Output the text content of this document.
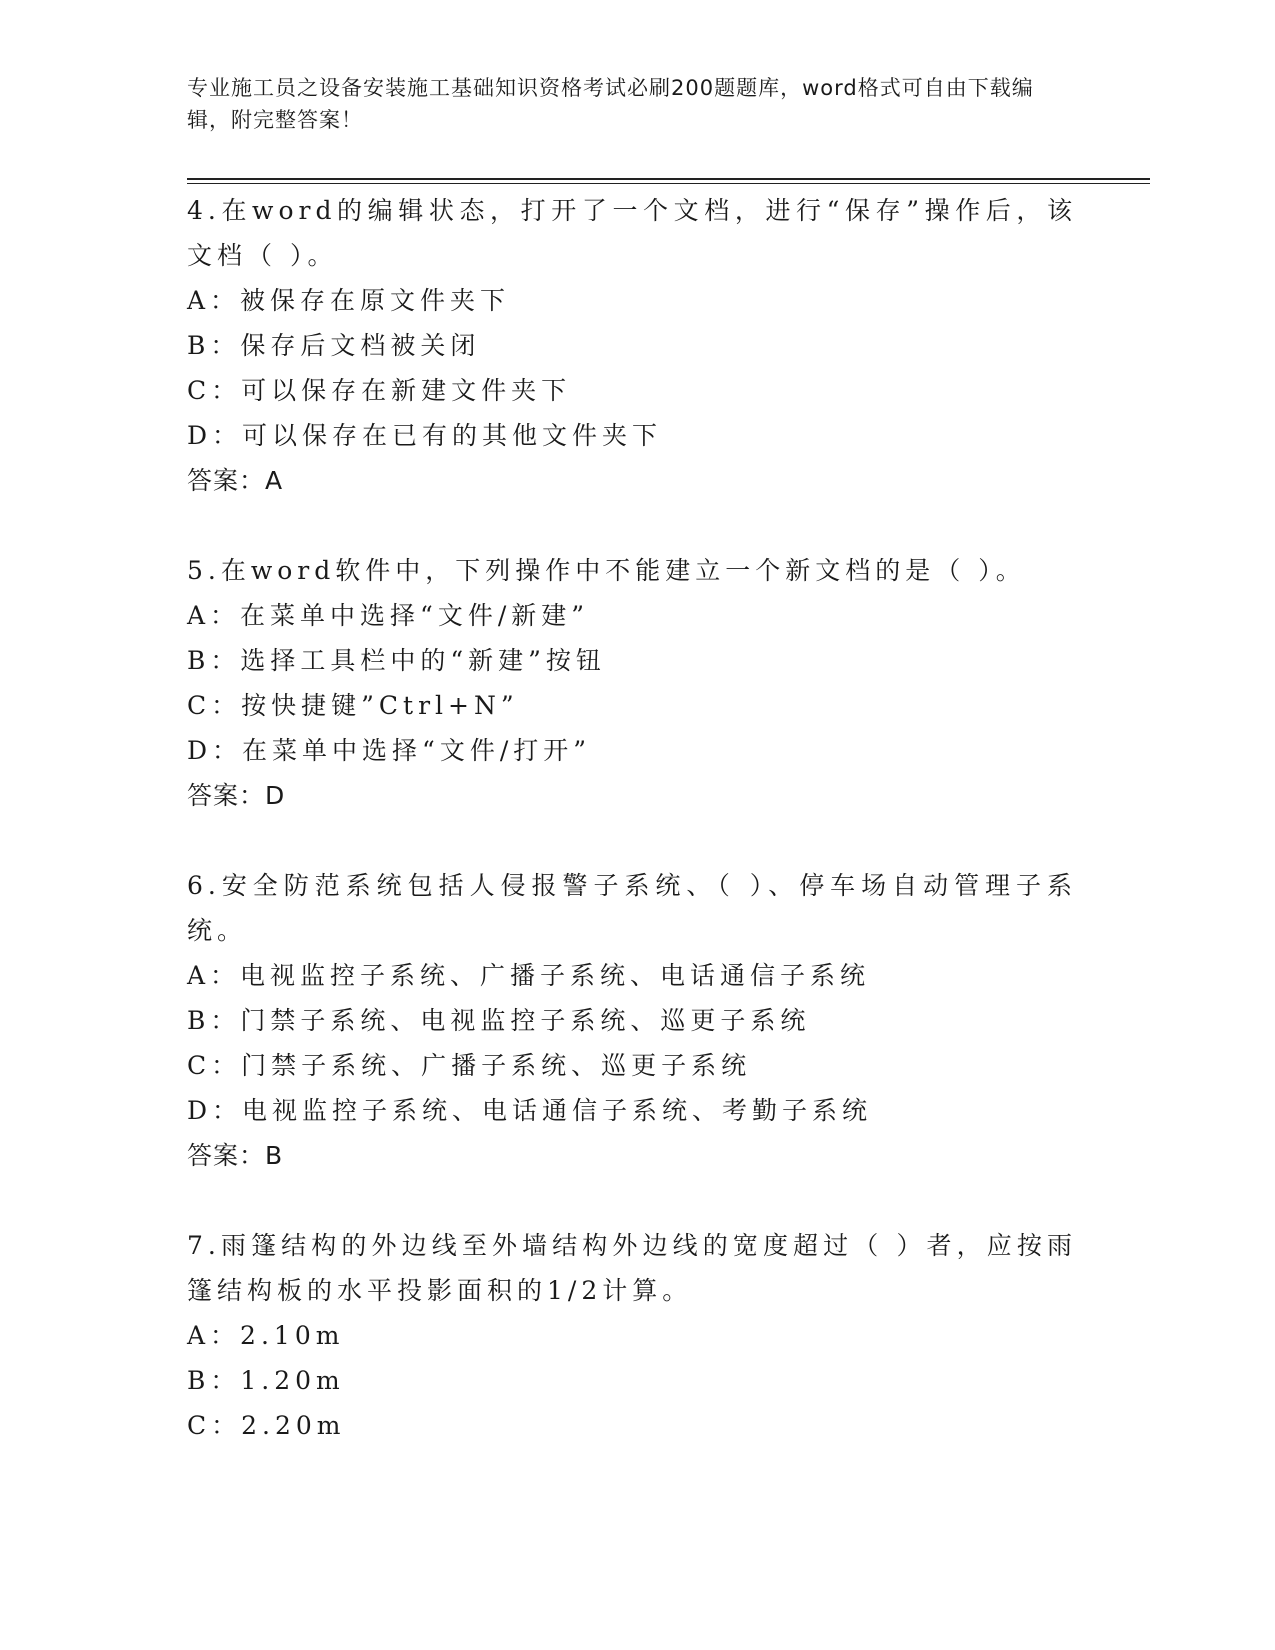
专业施工员之设备安装施工基础知识资格考试必刷200题题库，word格式可自由下载编辑，附完整答案！
4.在word的编辑状态，打开了一个文档，进行“保存”操作后，该文档（ ）。
A：被保存在原文件夹下
B：保存后文档被关闭
C：可以保存在新建文件夹下
D：可以保存在已有的其他文件夹下
答案：A
5.在word软件中，下列操作中不能建立一个新文档的是（ ）。
A：在菜单中选择“文件/新建”
B：选择工具栏中的“新建”按钮
C：按快捷键”Ctrl+N”
D：在菜单中选择“文件/打开”
答案：D
6.安全防范系统包括人侵报警子系统、（ ）、停车场自动管理子系统。
A：电视监控子系统、广播子系统、电话通信子系统
B：门禁子系统、电视监控子系统、巡更子系统
C：门禁子系统、广播子系统、巡更子系统
D：电视监控子系统、电话通信子系统、考勤子系统
答案：B
7.雨篷结构的外边线至外墙结构外边线的宽度超过（ ）者，应按雨篷结构板的水平投影面积的1/2计算。
A：2.10m
B：1.20m
C：2.20m
